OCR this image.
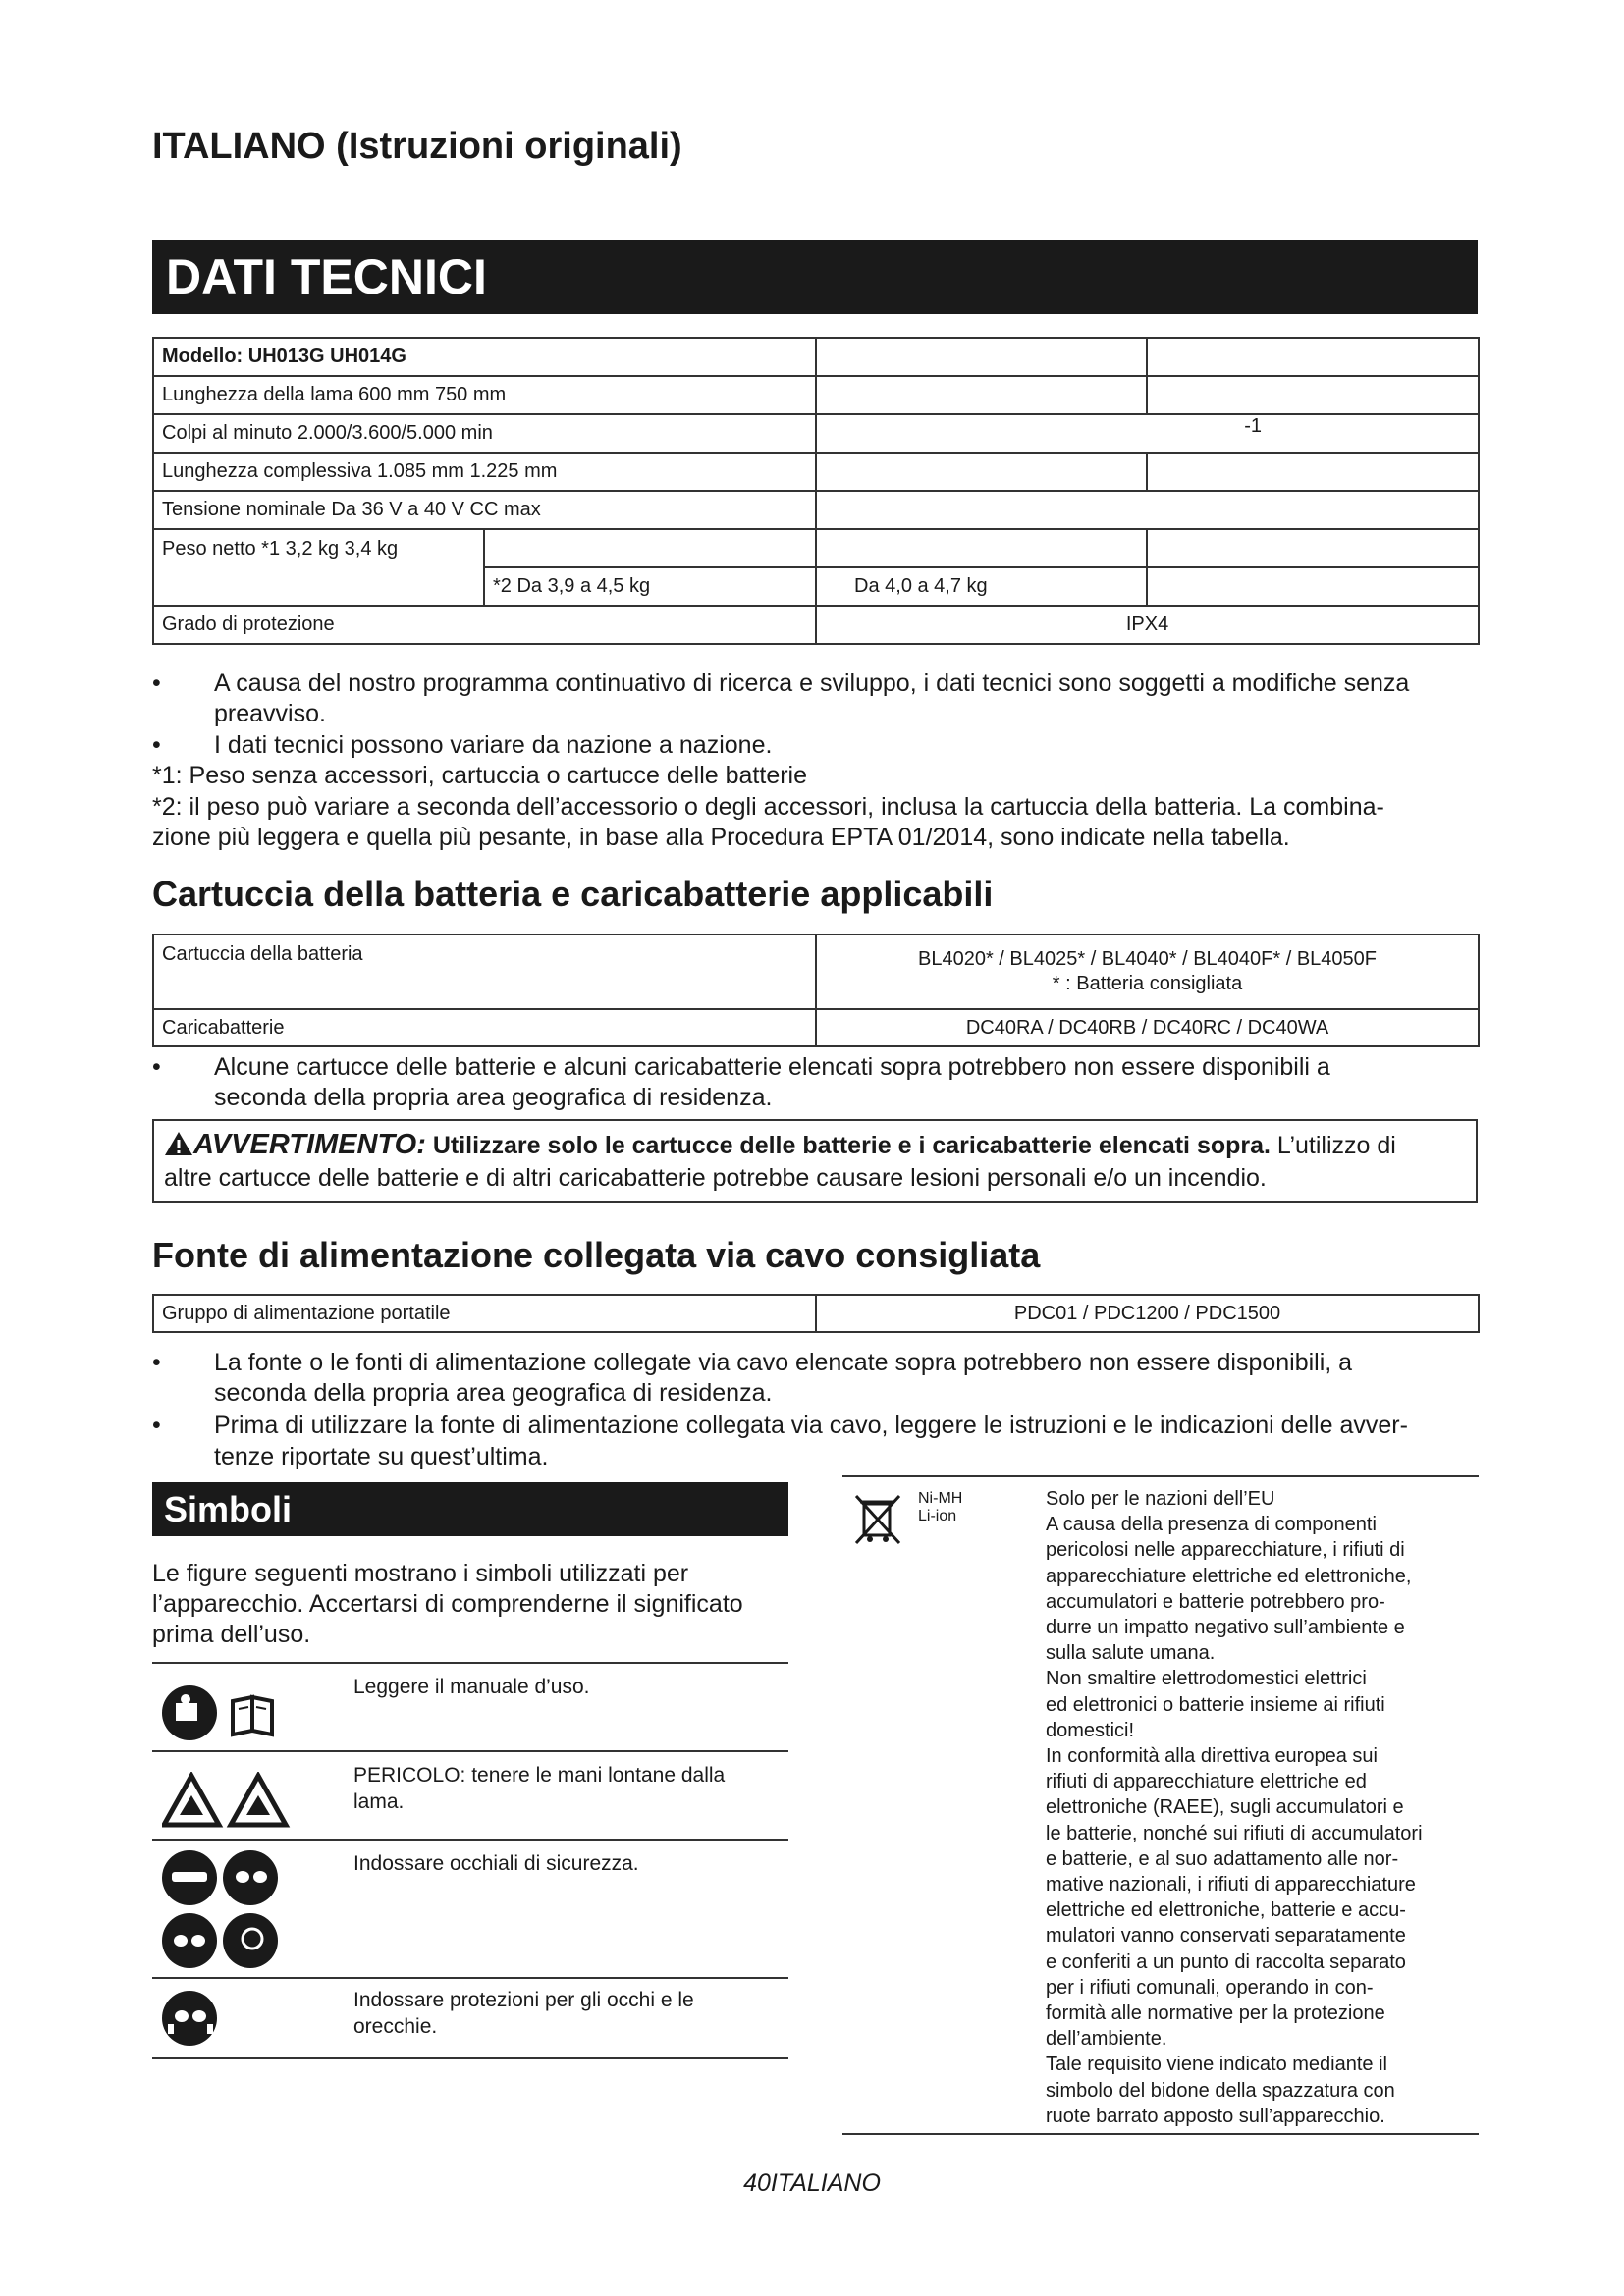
ITALIANO (Istruzioni originali)
DATI TECNICI
Modello: UH013G UH014G			
Lunghezza della lama 600 mm 750 mm			
Colpi al minuto 2.000/3.600/5.000 min		-1	
Lunghezza complessiva 1.085 mm 1.225 mm			
Tensione nominale Da 36 V a 40 V CC max			
Peso netto *1 3,2 kg 3,4 kg			
	*2 Da 3,9 a 4,5 kg	Da 4,0 a 4,7 kg	
Grado di protezione		IPX4	
• A causa del nostro programma continuativo di ricerca e sviluppo, i dati tecnici sono soggetti a modifiche senza
preavviso.
• I dati tecnici possono variare da nazione a nazione.
*1: Peso senza accessori, cartuccia o cartucce delle batterie
*2: il peso può variare a seconda dell’accessorio o degli accessori, inclusa la cartuccia della batteria. La combina-
zione più leggera e quella più pesante, in base alla Procedura EPTA 01/2014, sono indicate nella tabella.
Cartuccia della batteria e caricabatterie applicabili
Cartuccia della batteria	BL4020* / BL4025* / BL4040* / BL4040F* / BL4050F
* : Batteria consigliata

Caricabatterie	DC40RA / DC40RB / DC40RC / DC40WA
• Alcune cartucce delle batterie e alcuni caricabatterie elencati sopra potrebbero non essere disponibili a
seconda della propria area geografica di residenza.
AVVERTIMENTO: Utilizzare solo le cartucce delle batterie e i caricabatterie elencati sopra. L’utilizzo di
altre cartucce delle batterie e di altri caricabatterie potrebbe causare lesioni personali e/o un incendio.
Fonte di alimentazione collegata via cavo consigliata
Gruppo di alimentazione portatile	PDC01 / PDC1200 / PDC1500
• La fonte o le fonti di alimentazione collegate via cavo elencate sopra potrebbero non essere disponibili, a
seconda della propria area geografica di residenza.
• Prima di utilizzare la fonte di alimentazione collegata via cavo, leggere le istruzioni e le indicazioni delle avver-
tenze riportate su quest’ultima.
Simboli
Le figure seguenti mostrano i simboli utilizzati per l’apparecchio. Accertarsi di comprenderne il significato prima dell’uso.
Leggere il manuale d’uso.
PERICOLO: tenere le mani lontane dalla lama.
Indossare occhiali di sicurezza.
Indossare protezioni per gli occhi e le orecchie.
Ni-MH
Li-ion
Solo per le nazioni dell’EU
A causa della presenza di componenti
pericolosi nelle apparecchiature, i rifiuti di
apparecchiature elettriche ed elettroniche,
accumulatori e batterie potrebbero pro-
durre un impatto negativo sull’ambiente e
sulla salute umana.
Non smaltire elettrodomestici elettrici
ed elettronici o batterie insieme ai rifiuti
domestici!
In conformità alla direttiva europea sui
rifiuti di apparecchiature elettriche ed
elettroniche (RAEE), sugli accumulatori e
le batterie, nonché sui rifiuti di accumulatori
e batterie, e al suo adattamento alle nor-
mative nazionali, i rifiuti di apparecchiature
elettriche ed elettroniche, batterie e accu-
mulatori vanno conservati separatamente
e conferiti a un punto di raccolta separato
per i rifiuti comunali, operando in con-
formità alle normative per la protezione
dell’ambiente.
Tale requisito viene indicato mediante il
simbolo del bidone della spazzatura con
ruote barrato apposto sull’apparecchio.
40ITALIANO
